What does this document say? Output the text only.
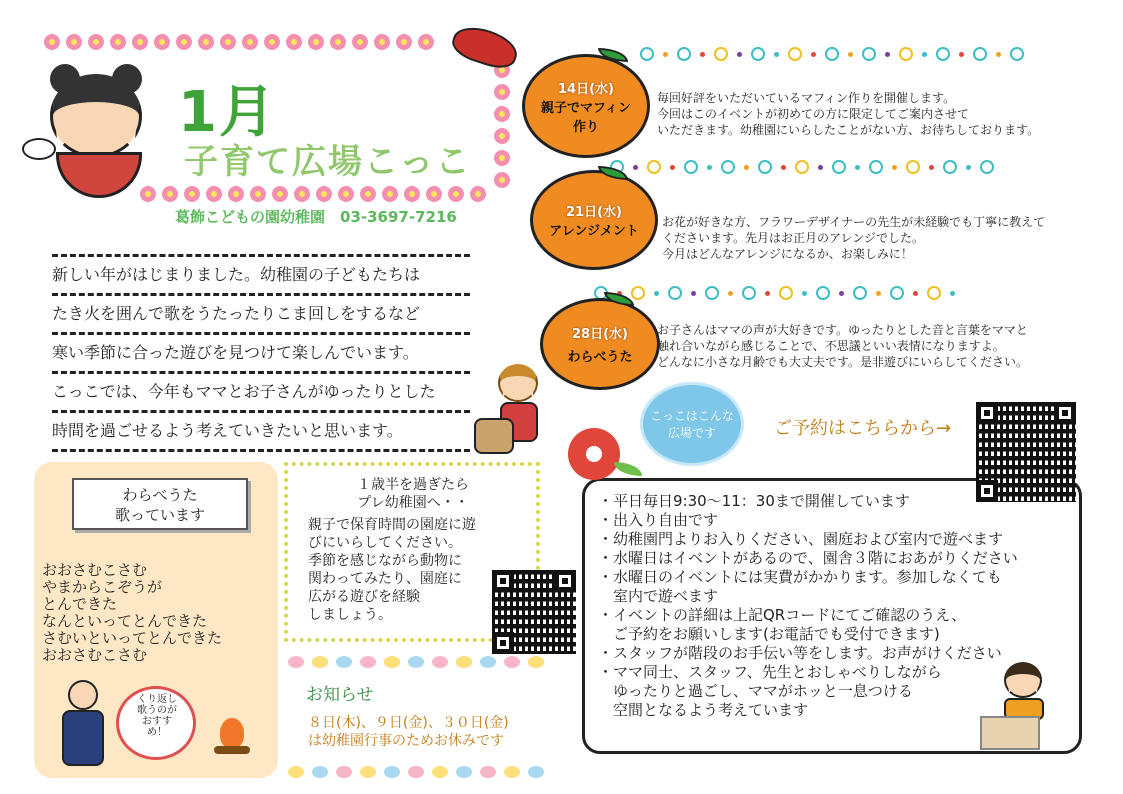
1月
子育て広場こっこ
葛飾こどもの園幼稚園　03-3697-7216

新しい年がはじまりました。幼稚園の子どもたちは

たき火を囲んで歌をうたったりこま回しをするなど

寒い季節に合った遊びを見つけて楽しんでいます。

こっこでは、今年もママとお子さんがゆったりとした

時間を過ごせるよう考えていきたいと思います。

14日(水)
親子でマフィン作り

毎回好評をいただいているマフィン作りを開催します。

今回はこのイベントが初めての方に限定してご案内させて

いただきます。幼稚園にいらしたことがない方、お待ちしております。

21日(水)
アレンジメント

お花が好きな方、フラワーデザイナーの先生が未経験でも丁寧に教えて

くださいます。先月はお正月のアレンジでした。

今月はどんなアレンジになるか、お楽しみに！

28日(水)
わらべうた

お子さんはママの声が大好きです。ゆったりとした音と言葉をママと

触れ合いながら感じることで、不思議といい表情になりますよ。

どんなに小さな月齢でも大丈夫です。是非遊びにいらしてください。

わらべうた

歌っています

おおさむこさむ

やまからこぞうが

とんできた

なんといってとんできた

さむいといってとんできた

おおさむこさむ

くり返し歌うのがおすすめ！
１歳半を過ぎたら
プレ幼稚園へ・・

親子で保育時間の園庭に遊

びにいらしてください。

季節を感じながら動物に

関わってみたり、園庭に

広がる遊びを経験

しましょう。

お知らせ

８日(木)、９日(金)、３０日(金)

は幼稚園行事のためお休みです

・平日毎日9:30～11：30まで開催しています

・出入り自由です

・幼稚園門よりお入りください、園庭および室内で遊べます

・水曜日はイベントがあるので、園舎３階におあがりください

・水曜日のイベントには実費がかかります。参加しなくても

　室内で遊べます

・イベントの詳細は上記QRコードにてご確認のうえ、

　ご予約をお願いします(お電話でも受付できます)

・スタッフが階段のお手伝い等をします。お声がけください

・ママ同士、スタッフ、先生とおしゃべりしながら

　ゆったりと過ごし、ママがホッと一息つける

　空間となるよう考えています

こっこはこんな
広場です	ご予約はこちらから→
